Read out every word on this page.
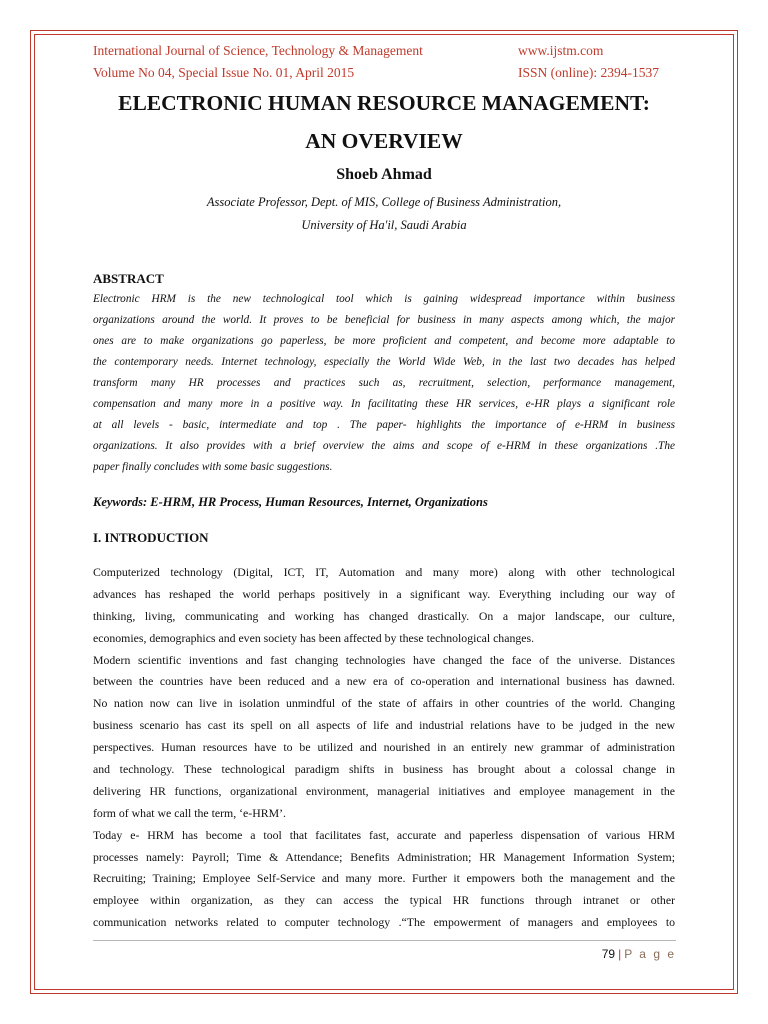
International Journal of Science, Technology & Management	www.ijstm.com
Volume No 04, Special Issue No. 01, April 2015	ISSN (online): 2394-1537
ELECTRONIC HUMAN RESOURCE MANAGEMENT:
AN OVERVIEW
Shoeb Ahmad
Associate Professor, Dept. of MIS, College of Business Administration,
University of Ha'il, Saudi Arabia
ABSTRACT
Electronic HRM is the new technological tool which is gaining widespread importance within business
organizations around the world. It proves to be beneficial for business in many aspects among which, the major
ones are to make organizations go paperless, be more proficient and competent, and become more adaptable to
the contemporary needs. Internet technology, especially the World Wide Web, in the last two decades has helped
transform many HR processes and practices such as, recruitment, selection, performance management,
compensation and many more in a positive way. In facilitating these HR services, e-HR plays a significant role
at all levels - basic, intermediate and top . The paper- highlights the importance of e-HRM in business
organizations. It also provides with a brief overview the aims and scope of e-HRM in these organizations .The
paper finally concludes with some basic suggestions.
Keywords: E-HRM, HR Process, Human Resources, Internet, Organizations
I. INTRODUCTION
Computerized technology (Digital, ICT, IT, Automation and many more) along with other technological
advances has reshaped the world perhaps positively in a significant way. Everything including our way of
thinking, living, communicating and working has changed drastically. On a major landscape, our culture,
economies, demographics and even society has been affected by these technological changes.
Modern scientific inventions and fast changing technologies have changed the face of the universe. Distances
between the countries have been reduced and a new era of co-operation and international business has dawned.
No nation now can live in isolation unmindful of the state of affairs in other countries of the world. Changing
business scenario has cast its spell on all aspects of life and industrial relations have to be judged in the new
perspectives. Human resources have to be utilized and nourished in an entirely new grammar of administration
and technology. These technological paradigm shifts in business has brought about a colossal change in
delivering HR functions, organizational environment, managerial initiatives and employee management in the
form of what we call the term, ‘e-HRM’.
Today e- HRM has become a tool that facilitates fast, accurate and paperless dispensation of various HRM
processes namely: Payroll; Time & Attendance; Benefits Administration; HR Management Information System;
Recruiting; Training; Employee Self-Service and many more. Further it empowers both the management and the
employee within organization, as they can access the typical HR functions through intranet or other
communication networks related to computer technology .“The empowerment of managers and employees to
79 | P a g e
